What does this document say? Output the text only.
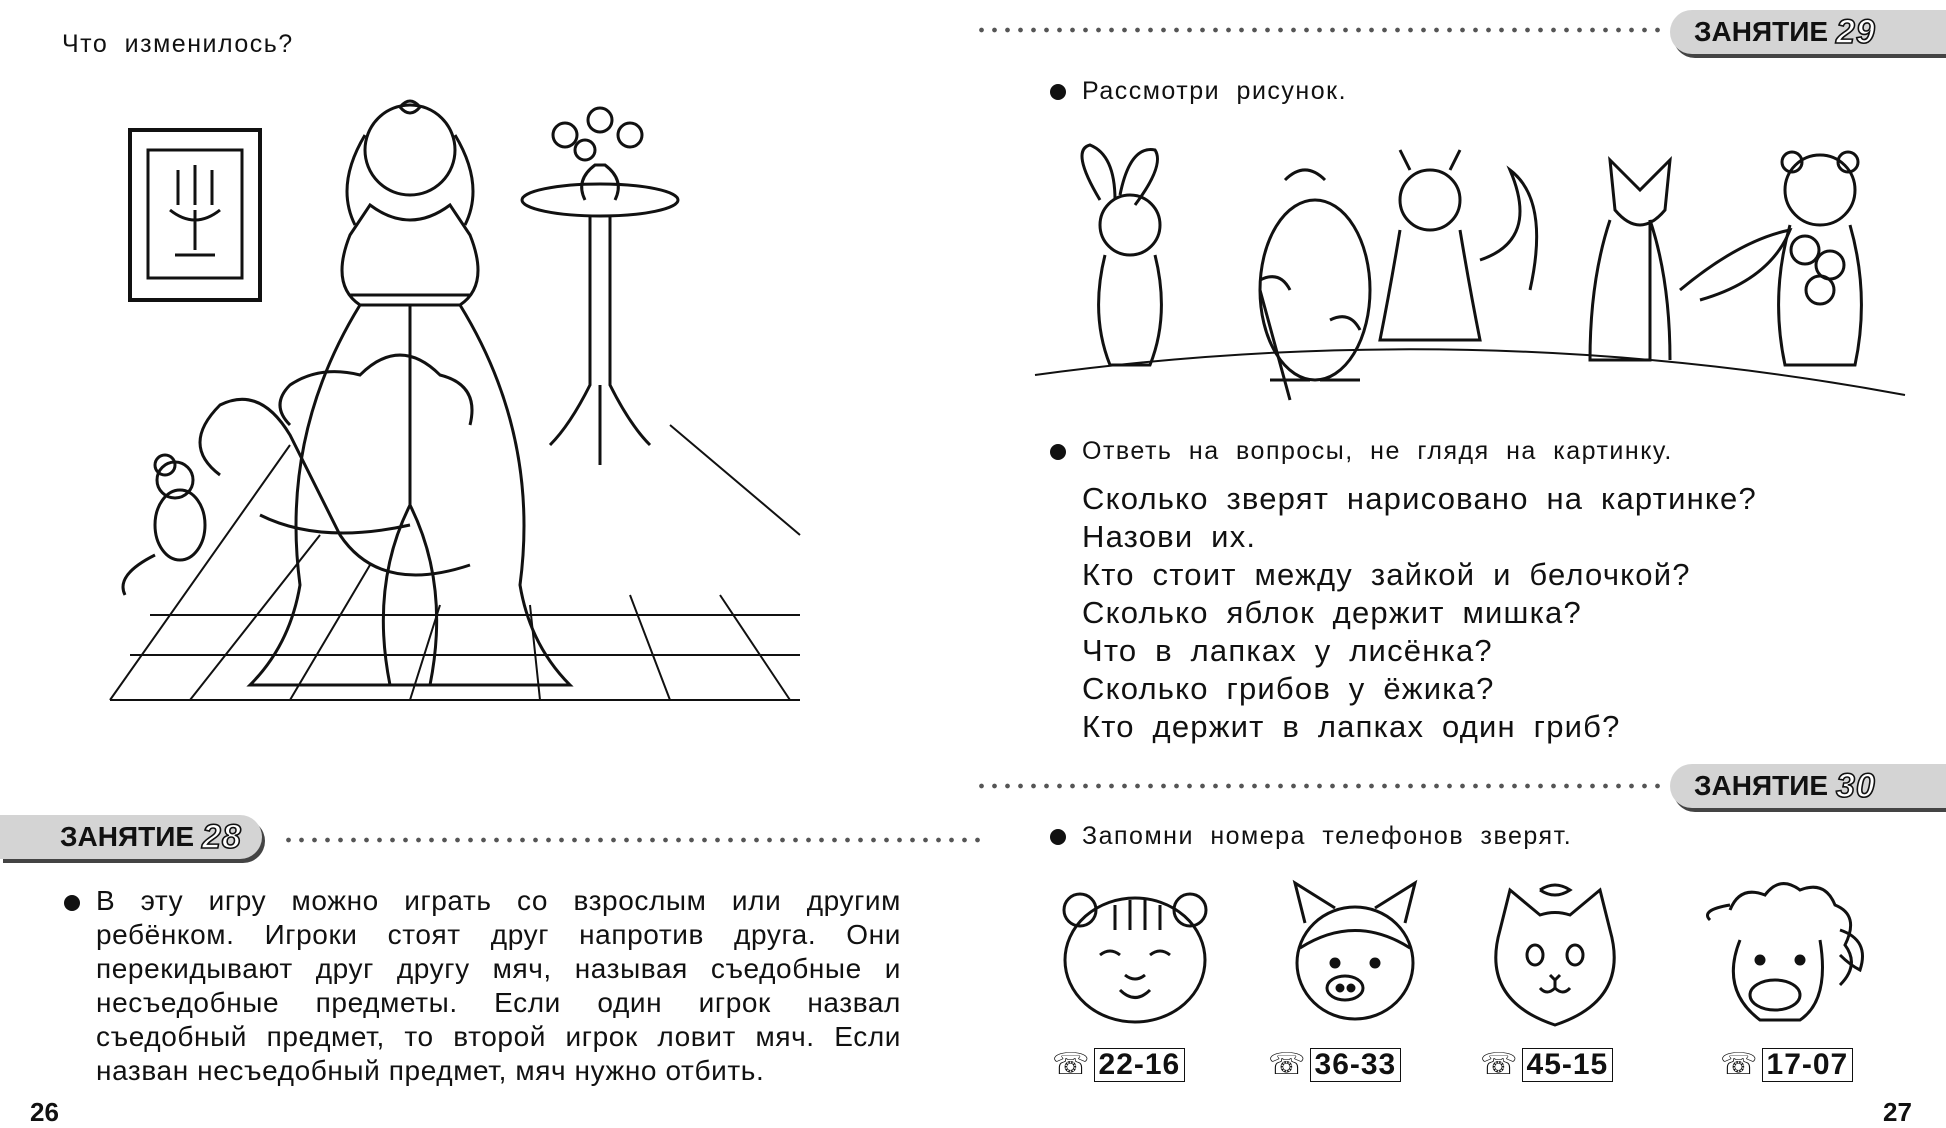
Что изменилось?
ЗАНЯТИЕ 28
В эту игру можно играть со взрослым или другим ребёнком. Игроки стоят друг напротив друга. Они перекидывают друг другу мяч, называя съедобные и несъедобные предметы. Если один игрок назвал съедобный предмет, то второй игрок ловит мяч. Если назван несъедобный предмет, мяч нужно отбить.
26
ЗАНЯТИЕ 29
Рассмотри рисунок.
Ответь на вопросы, не глядя на картинку.
Сколько зверят нарисовано на картинке?
Назови их.
Кто стоит между зайкой и белочкой?
Сколько яблок держит мишка?
Что в лапках у лисёнка?
Сколько грибов у ёжика?
Кто держит в лапках один гриб?
ЗАНЯТИЕ 30
Запомни номера телефонов зверят.
☏ 22-16	☏ 36-33	☏ 45-15	☏ 17-07
27
